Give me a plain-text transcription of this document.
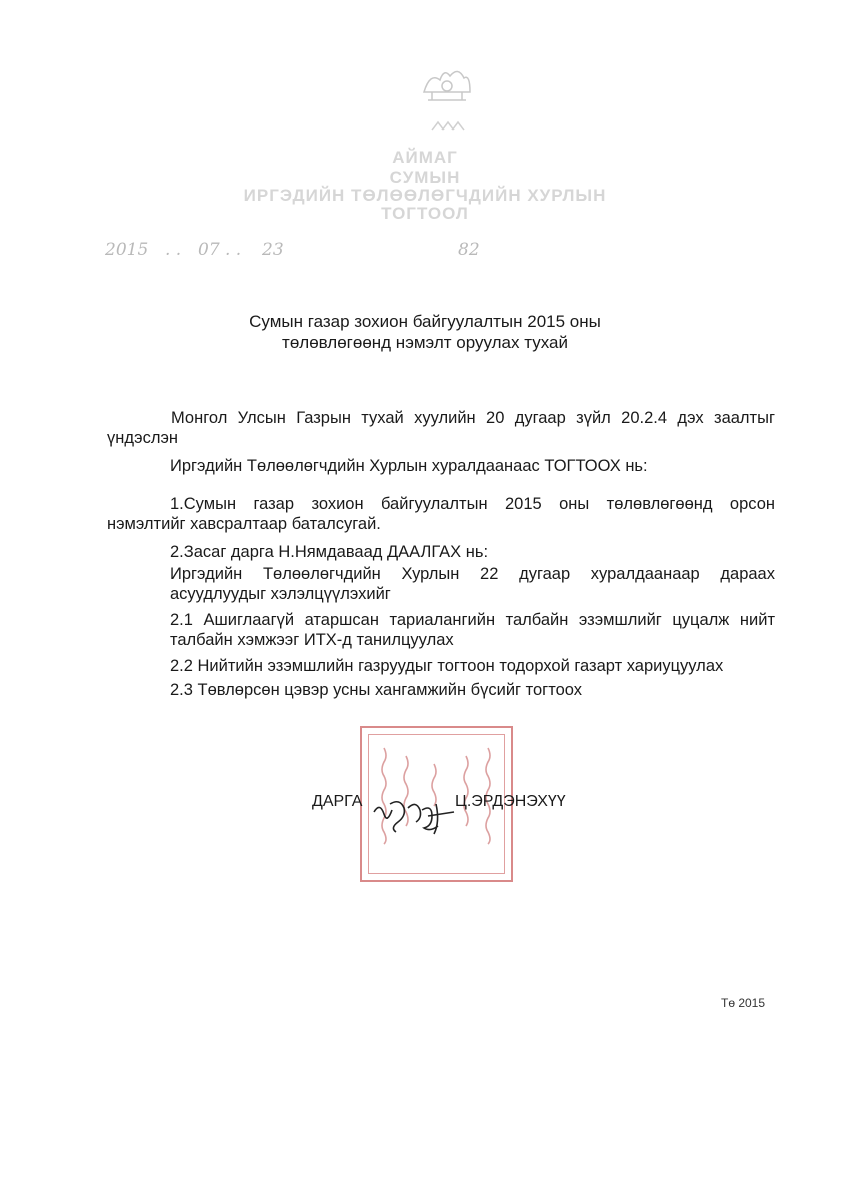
АЙМАГ
СУМЫН
ИРГЭДИЙН ТӨЛӨӨЛӨГЧДИЙН ХУРЛЫН
ТОГТООЛ
2015 . . 07 . . 23	82
Сумын газар зохион байгуулалтын 2015 оны
төлөвлөгөөнд нэмэлт оруулах тухай
Монгол Улсын Газрын тухай хуулийн 20 дугаар зүйл 20.2.4 дэх заалтыг
үндэслэн
Иргэдийн Төлөөлөгчдийн Хурлын хуралдаанаас ТОГТООХ нь:
1.Сумын газар зохион байгуулалтын 2015 оны төлөвлөгөөнд орсон
нэмэлтийг хавсралтаар баталсугай.
2.Засаг дарга Н.Нямдаваад ДААЛГАХ нь:
Иргэдийн Төлөөлөгчдийн Хурлын 22 дугаар хуралдаанаар дараах
асуудлуудыг хэлэлцүүлэхийг
2.1 Ашиглаагүй атаршсан тариалангийн талбайн эзэмшлийг цуцалж нийт
талбайн хэмжээг ИТХ-д танилцуулах
2.2 Нийтийн эзэмшлийн газруудыг тогтоон тодорхой газарт хариуцуулах
2.3 Төвлөрсөн цэвэр усны хангамжийн бүсийг тогтоох
ДАРГА	Ц.ЭРДЭНЭХҮҮ
Тө 2015
